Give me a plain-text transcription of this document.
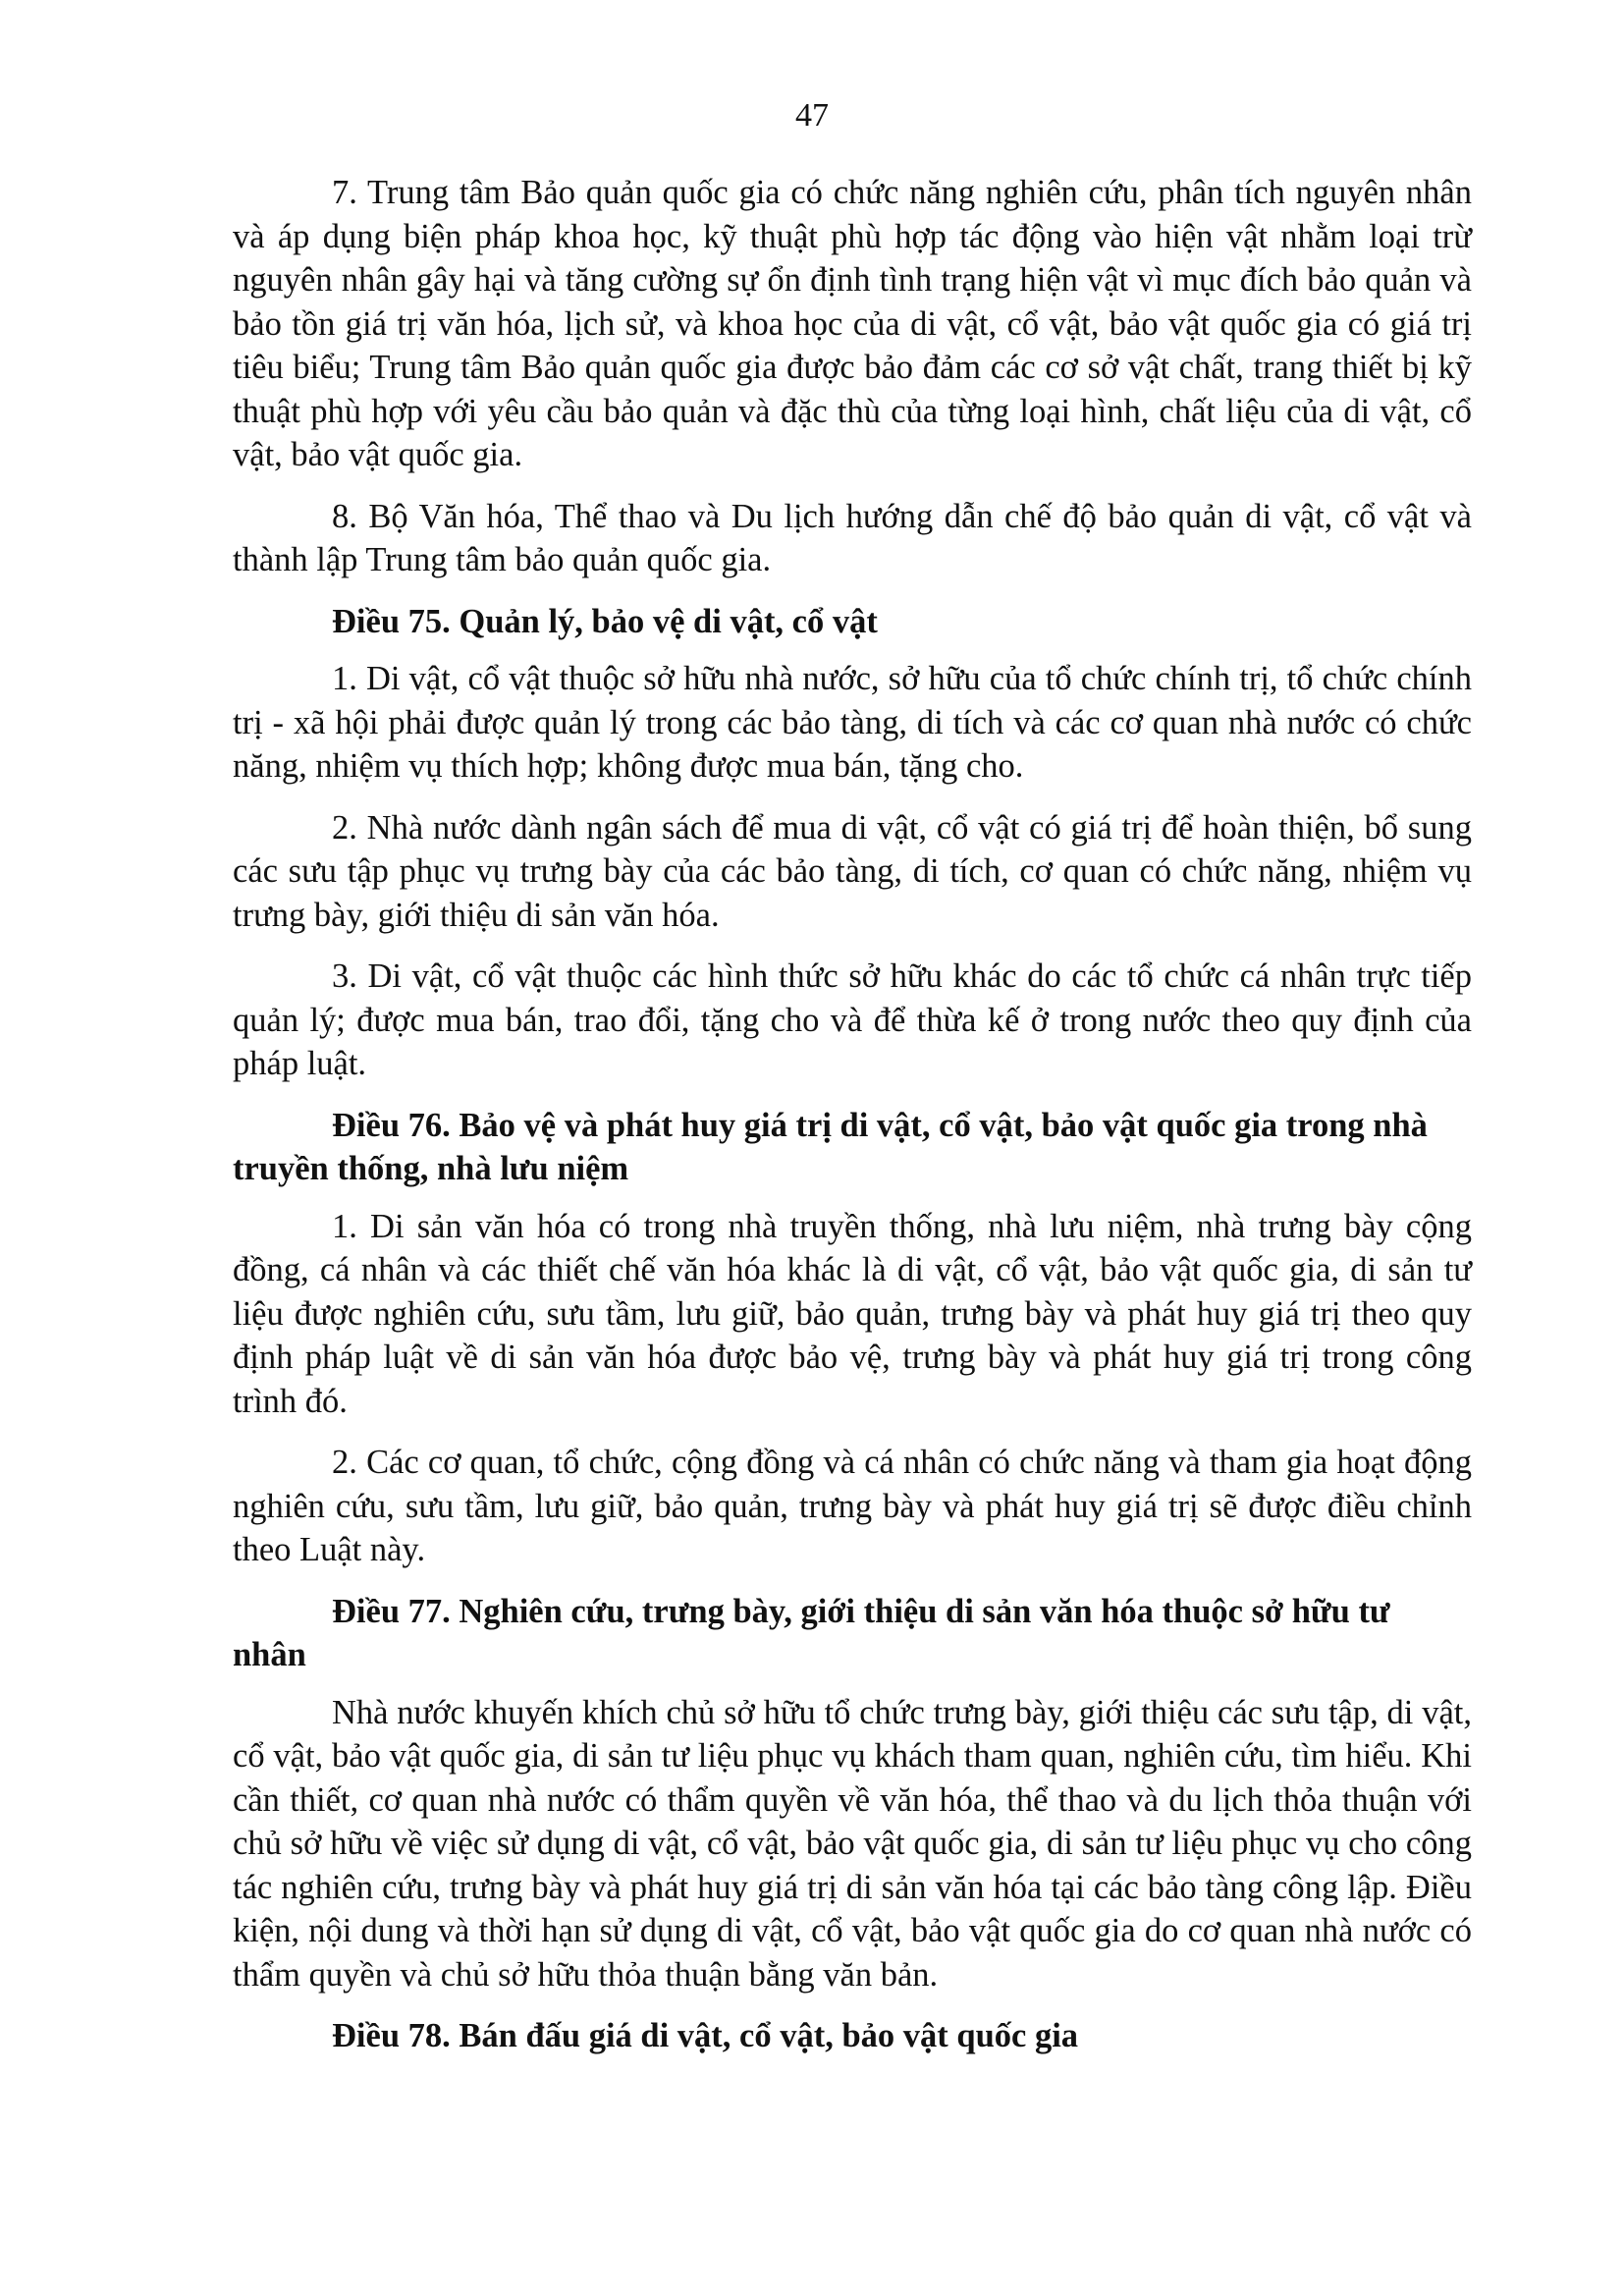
47

7. Trung tâm Bảo quản quốc gia có chức năng nghiên cứu, phân tích nguyên nhân và áp dụng biện pháp khoa học, kỹ thuật phù hợp tác động vào hiện vật nhằm loại trừ nguyên nhân gây hại và tăng cường sự ổn định tình trạng hiện vật vì mục đích bảo quản và bảo tồn giá trị văn hóa, lịch sử, và khoa học của di vật, cổ vật, bảo vật quốc gia có giá trị tiêu biểu; Trung tâm Bảo quản quốc gia được bảo đảm các cơ sở vật chất, trang thiết bị kỹ thuật phù hợp với yêu cầu bảo quản và đặc thù của từng loại hình, chất liệu của di vật, cổ vật, bảo vật quốc gia.

8. Bộ Văn hóa, Thể thao và Du lịch hướng dẫn chế độ bảo quản di vật, cổ vật và thành lập Trung tâm bảo quản quốc gia.

Điều 75. Quản lý, bảo vệ di vật, cổ vật

1. Di vật, cổ vật thuộc sở hữu nhà nước, sở hữu của tổ chức chính trị, tổ chức chính trị - xã hội phải được quản lý trong các bảo tàng, di tích và các cơ quan nhà nước có chức năng, nhiệm vụ thích hợp; không được mua bán, tặng cho.

2. Nhà nước dành ngân sách để mua di vật, cổ vật có giá trị để hoàn thiện, bổ sung các sưu tập phục vụ trưng bày của các bảo tàng, di tích, cơ quan có chức năng, nhiệm vụ trưng bày, giới thiệu di sản văn hóa.

3. Di vật, cổ vật thuộc các hình thức sở hữu khác do các tổ chức cá nhân trực tiếp quản lý; được mua bán, trao đổi, tặng cho và để thừa kế ở trong nước theo quy định của pháp luật.

Điều 76. Bảo vệ và phát huy giá trị di vật, cổ vật, bảo vật quốc gia trong nhà truyền thống, nhà lưu niệm

1. Di sản văn hóa có trong nhà truyền thống, nhà lưu niệm, nhà trưng bày cộng đồng, cá nhân và các thiết chế văn hóa khác là di vật, cổ vật, bảo vật quốc gia, di sản tư liệu được nghiên cứu, sưu tầm, lưu giữ, bảo quản, trưng bày và phát huy giá trị theo quy định pháp luật về di sản văn hóa được bảo vệ, trưng bày và phát huy giá trị trong công trình đó.

2. Các cơ quan, tổ chức, cộng đồng và cá nhân có chức năng và tham gia hoạt động nghiên cứu, sưu tầm, lưu giữ, bảo quản, trưng bày và phát huy giá trị sẽ được điều chỉnh theo Luật này.

Điều 77. Nghiên cứu, trưng bày, giới thiệu di sản văn hóa thuộc sở hữu tư nhân

Nhà nước khuyến khích chủ sở hữu tổ chức trưng bày, giới thiệu các sưu tập, di vật, cổ vật, bảo vật quốc gia, di sản tư liệu phục vụ khách tham quan, nghiên cứu, tìm hiểu. Khi cần thiết, cơ quan nhà nước có thẩm quyền về văn hóa, thể thao và du lịch thỏa thuận với chủ sở hữu về việc sử dụng di vật, cổ vật, bảo vật quốc gia, di sản tư liệu phục vụ cho công tác nghiên cứu, trưng bày và phát huy giá trị di sản văn hóa tại các bảo tàng công lập. Điều kiện, nội dung và thời hạn sử dụng di vật, cổ vật, bảo vật quốc gia do cơ quan nhà nước có thẩm quyền và chủ sở hữu thỏa thuận bằng văn bản.

Điều 78. Bán đấu giá di vật, cổ vật, bảo vật quốc gia
